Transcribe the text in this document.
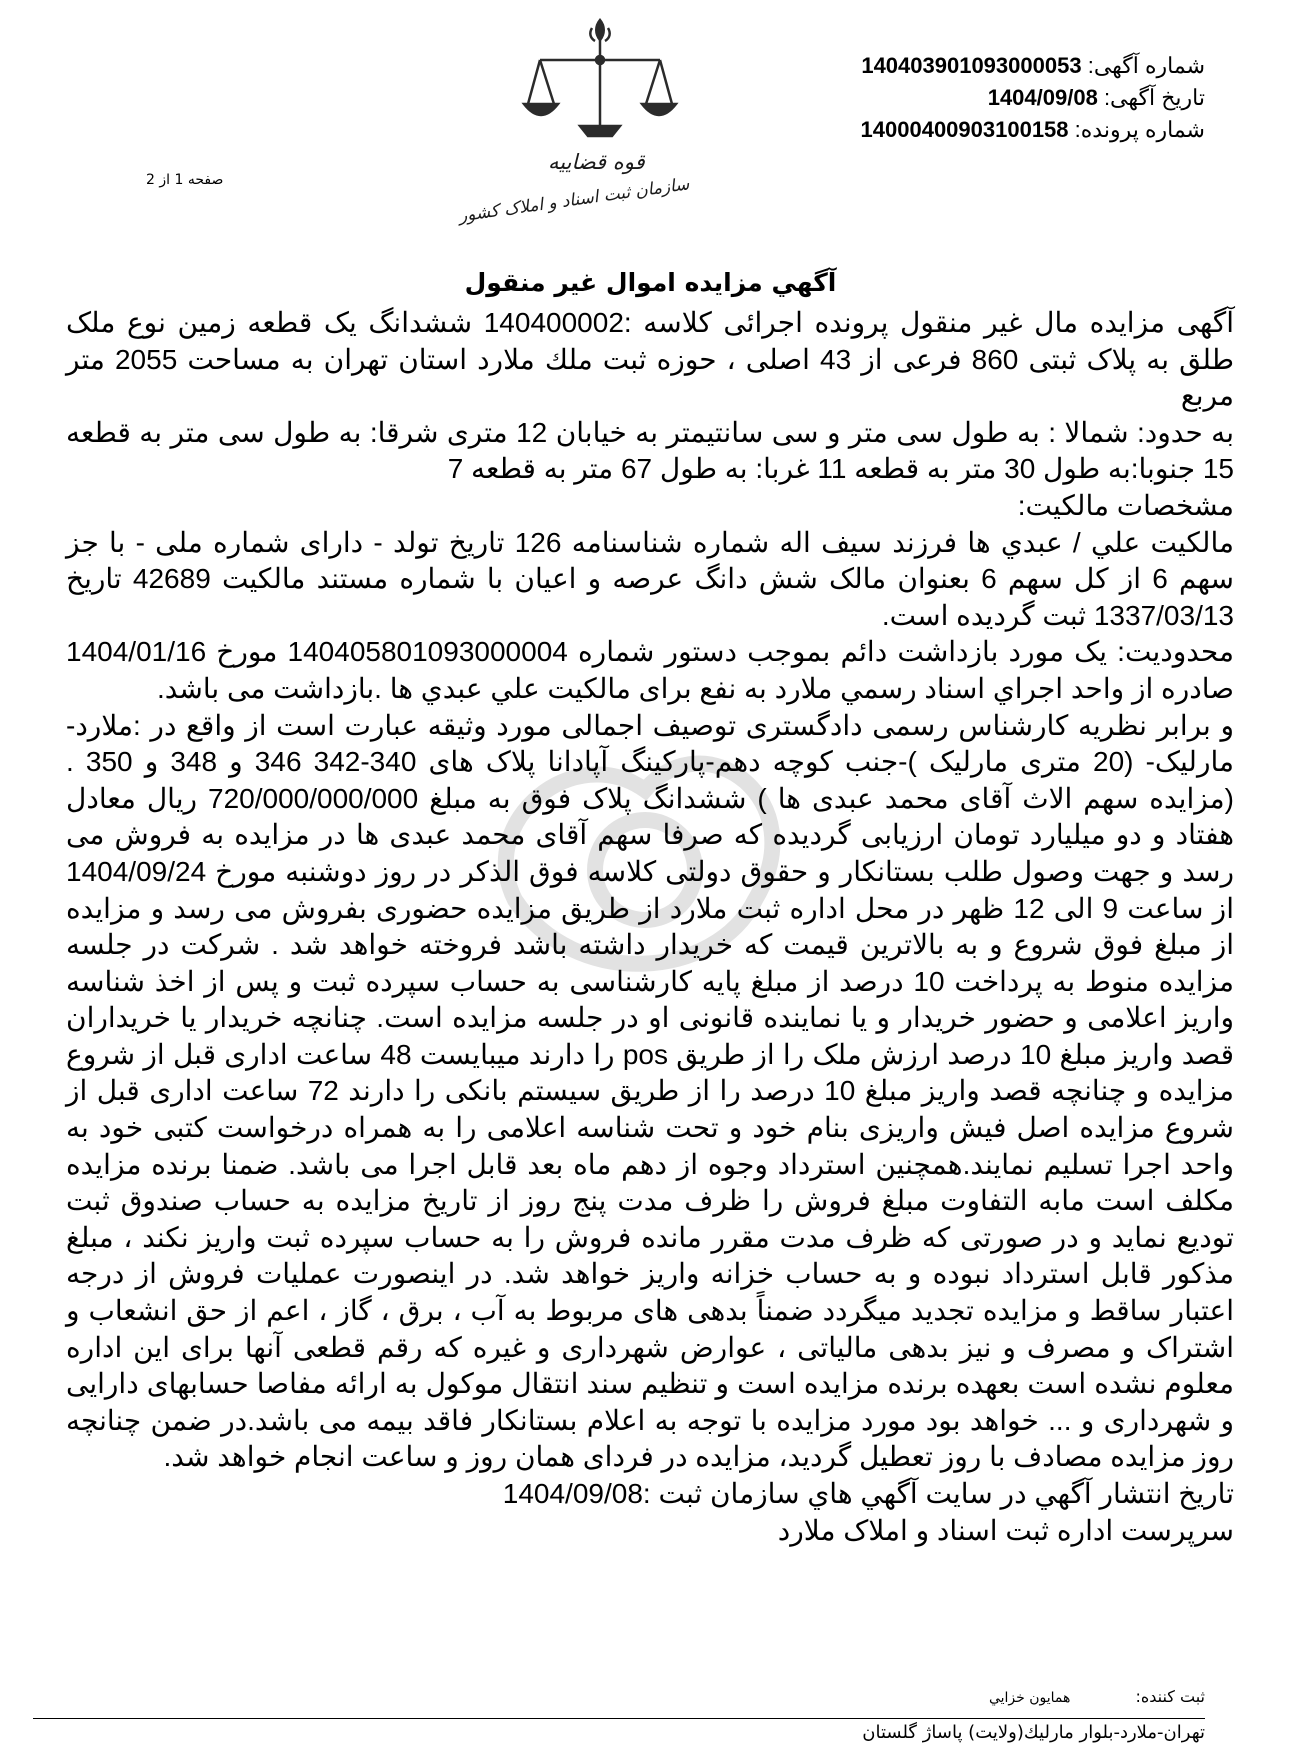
قوه قضاییه
سازمان ثبت اسناد و املاک کشور
شماره آگهی: 140403901093000053
تاریخ آگهی: 1404/09/08
شماره پرونده: 14000400903100158
صفحه 1 از 2
آگهي مزايده اموال غير منقول

آگهی مزایده مال غیر منقول پرونده اجرائی کلاسه :140400002 ششدانگ یک قطعه زمین نوع ملک طلق به پلاک ثبتی 860 فرعی از 43 اصلی ، حوزه ثبت ملك ملارد استان تهران به مساحت 2055 متر مربع

به حدود: شمالا : به طول سی متر و سی سانتیمتر به خیابان 12 متری شرقا: به طول سی متر به قطعه 15 جنوبا:به طول 30 متر به قطعه 11 غربا: به طول 67 متر به قطعه 7

مشخصات مالکیت:

مالكيت علي / عبدي ها فرزند سيف اله شماره شناسنامه 126 تاریخ تولد - دارای شماره ملی - با جز سهم 6 از کل سهم 6 بعنوان مالک شش دانگ عرصه و اعیان با شماره مستند مالکیت 42689 تاریخ 1337/03/13 ثبت گردیده است.

محدودیت: یک مورد بازداشت دائم بموجب دستور شماره 140405801093000004 مورخ 1404/01/16 صادره از واحد اجراي اسناد رسمي ملارد به نفع برای مالکیت علي عبدي ها .بازداشت می باشد.

و برابر نظریه کارشناس رسمی دادگستری توصیف اجمالی مورد وثیقه عبارت است از واقع در :ملارد- مارلیک- (20 متری مارلیک )-جنب کوچه دهم-پارکینگ آپادانا پلاک های 340-342 346 و 348 و 350 . (مزایده سهم الاث آقای محمد عبدی ها ) ششدانگ پلاک فوق به مبلغ 720/000/000/000 ریال معادل هفتاد و دو میلیارد تومان ارزیابی گردیده که صرفا سهم آقای محمد عبدی ها در مزایده به فروش می رسد و جهت وصول طلب بستانکار و حقوق دولتی کلاسه فوق الذکر در روز دوشنبه مورخ 1404/09/24 از ساعت 9 الی 12 ظهر در محل اداره ثبت ملارد از طریق مزایده حضوری بفروش می رسد و مزایده از مبلغ فوق شروع و به بالاترین قیمت که خریدار داشته باشد فروخته خواهد شد . شرکت در جلسه مزایده منوط به پرداخت 10 درصد از مبلغ پایه کارشناسی به حساب سپرده ثبت و پس از اخذ شناسه واریز اعلامی و حضور خریدار و یا نماینده قانونی او در جلسه مزایده است. چنانچه خریدار یا خریداران قصد واریز مبلغ 10 درصد ارزش ملک را از طریق pos را دارند میبایست 48 ساعت اداری قبل از شروع مزایده و چنانچه قصد واریز مبلغ 10 درصد را از طریق سیستم بانکی را دارند 72 ساعت اداری قبل از شروع مزایده اصل فیش واریزی بنام خود و تحت شناسه اعلامی را به همراه درخواست کتبی خود به واحد اجرا تسلیم نمایند.همچنین استرداد وجوه از دهم ماه بعد قابل اجرا می باشد. ضمنا برنده مزایده مکلف است مابه التفاوت مبلغ فروش را ظرف مدت پنج روز از تاریخ مزایده به حساب صندوق ثبت تودیع نماید و در صورتی که ظرف مدت مقرر مانده فروش را به حساب سپرده ثبت واریز نکند ، مبلغ مذکور قابل استرداد نبوده و به حساب خزانه واریز خواهد شد. در اینصورت عملیات فروش از درجه اعتبار ساقط و مزایده تجدید میگردد ضمناً بدهی های مربوط به آب ، برق ، گاز ، اعم از حق انشعاب و اشتراک و مصرف و نیز بدهی مالیاتی ، عوارض شهرداری و غیره که رقم قطعی آنها برای این اداره معلوم نشده است بعهده برنده مزایده است و تنظیم سند انتقال موکول به ارائه مفاصا حسابهای دارایی و شهرداری و ... خواهد بود مورد مزایده با توجه به اعلام بستانکار فاقد بیمه می باشد.در ضمن چنانچه روز مزایده مصادف با روز تعطیل گردید، مزایده در فردای همان روز و ساعت انجام خواهد شد.

تاریخ انتشار آگهي در سايت آگهي هاي سازمان ثبت :1404/09/08

سرپرست اداره ثبت اسناد و املاک ملارد

ثبت کننده: همايون خزايي
تهران-ملارد-بلوار مارليك(ولايت) پاساژ گلستان
